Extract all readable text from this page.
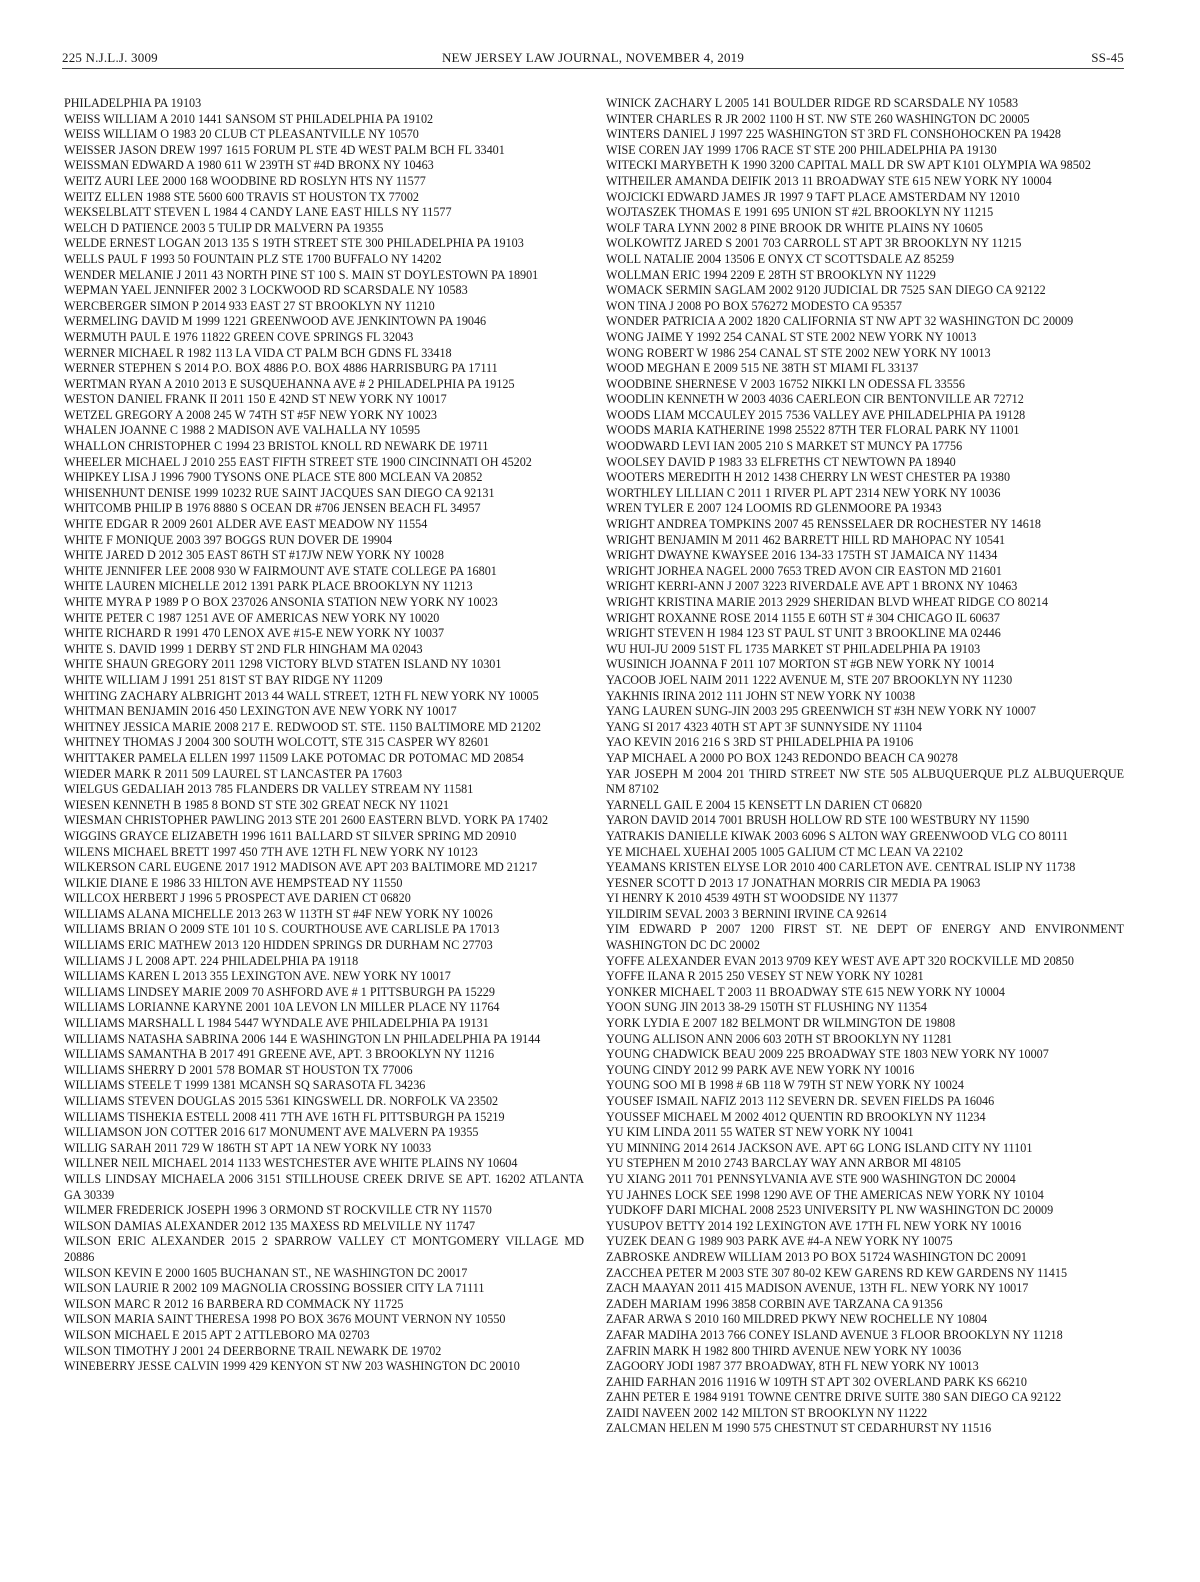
225 N.J.L.J. 3009	NEW JERSEY LAW JOURNAL, NOVEMBER 4, 2019	SS-45
PHILADELPHIA PA 19103
WEISS WILLIAM A 2010 1441 SANSOM ST PHILADELPHIA PA 19102
WEISS WILLIAM O 1983 20 CLUB CT PLEASANTVILLE NY 10570
WEISSER JASON DREW 1997 1615 FORUM PL STE 4D WEST PALM BCH FL 33401
WEISSMAN EDWARD A 1980 611 W 239TH ST #4D BRONX NY 10463
WEITZ AURI LEE 2000 168 WOODBINE RD ROSLYN HTS NY 11577
WEITZ ELLEN 1988 STE 5600 600 TRAVIS ST HOUSTON TX 77002
WEKSELBLATT STEVEN L 1984 4 CANDY LANE EAST HILLS NY 11577
WELCH D PATIENCE 2003 5 TULIP DR MALVERN PA 19355
WELDE ERNEST LOGAN 2013 135 S 19TH STREET STE 300 PHILADELPHIA PA 19103
WELLS PAUL F 1993 50 FOUNTAIN PLZ STE 1700 BUFFALO NY 14202
WENDER MELANIE J 2011 43 NORTH PINE ST 100 S. MAIN ST DOYLESTOWN PA 18901
WEPMAN YAEL JENNIFER 2002 3 LOCKWOOD RD SCARSDALE NY 10583
WERCBERGER SIMON P 2014 933 EAST 27 ST BROOKLYN NY 11210
WERMELING DAVID M 1999 1221 GREENWOOD AVE JENKINTOWN PA 19046
WERMUTH PAUL E 1976 11822 GREEN COVE SPRINGS FL 32043
WERNER MICHAEL R 1982 113 LA VIDA CT PALM BCH GDNS FL 33418
WERNER STEPHEN S 2014 P.O. BOX 4886 P.O. BOX 4886 HARRISBURG PA 17111
WERTMAN RYAN A 2010 2013 E SUSQUEHANNA AVE # 2 PHILADELPHIA PA 19125
WESTON DANIEL FRANK II 2011 150 E 42ND ST NEW YORK NY 10017
WETZEL GREGORY A 2008 245 W 74TH ST #5F NEW YORK NY 10023
WHALEN JOANNE C 1988 2 MADISON AVE VALHALLA NY 10595
WHALLON CHRISTOPHER C 1994 23 BRISTOL KNOLL RD NEWARK DE 19711
WHEELER MICHAEL J 2010 255 EAST FIFTH STREET STE 1900 CINCINNATI OH 45202
WHIPKEY LISA J 1996 7900 TYSONS ONE PLACE STE 800 MCLEAN VA 20852
WHISENHUNT DENISE 1999 10232 RUE SAINT JACQUES SAN DIEGO CA 92131
WHITCOMB PHILIP B 1976 8880 S OCEAN DR #706 JENSEN BEACH FL 34957
WHITE EDGAR R 2009 2601 ALDER AVE EAST MEADOW NY 11554
WHITE F MONIQUE 2003 397 BOGGS RUN DOVER DE 19904
WHITE JARED D 2012 305 EAST 86TH ST #17JW NEW YORK NY 10028
WHITE JENNIFER LEE 2008 930 W FAIRMOUNT AVE STATE COLLEGE PA 16801
WHITE LAUREN MICHELLE 2012 1391 PARK PLACE BROOKLYN NY 11213
WHITE MYRA P 1989 P O BOX 237026 ANSONIA STATION NEW YORK NY 10023
WHITE PETER C 1987 1251 AVE OF AMERICAS NEW YORK NY 10020
WHITE RICHARD R 1991 470 LENOX AVE #15-E NEW YORK NY 10037
WHITE S. DAVID 1999 1 DERBY ST 2ND FLR HINGHAM MA 02043
WHITE SHAUN GREGORY 2011 1298 VICTORY BLVD STATEN ISLAND NY 10301
WHITE WILLIAM J 1991 251 81ST ST BAY RIDGE NY 11209
WHITING ZACHARY ALBRIGHT 2013 44 WALL STREET, 12TH FL NEW YORK NY 10005
WHITMAN BENJAMIN 2016 450 LEXINGTON AVE NEW YORK NY 10017
WHITNEY JESSICA MARIE 2008 217 E. REDWOOD ST. STE. 1150 BALTIMORE MD 21202
WHITNEY THOMAS J 2004 300 SOUTH WOLCOTT, STE 315 CASPER WY 82601
WHITTAKER PAMELA ELLEN 1997 11509 LAKE POTOMAC DR POTOMAC MD 20854
WIEDER MARK R 2011 509 LAUREL ST LANCASTER PA 17603
WIELGUS GEDALIAH 2013 785 FLANDERS DR VALLEY STREAM NY 11581
WIESEN KENNETH B 1985 8 BOND ST STE 302 GREAT NECK NY 11021
WIESMAN CHRISTOPHER PAWLING 2013 STE 201 2600 EASTERN BLVD. YORK PA 17402
WIGGINS GRAYCE ELIZABETH 1996 1611 BALLARD ST SILVER SPRING MD 20910
WILENS MICHAEL BRETT 1997 450 7TH AVE 12TH FL NEW YORK NY 10123
WILKERSON CARL EUGENE 2017 1912 MADISON AVE APT 203 BALTIMORE MD 21217
WILKIE DIANE E 1986 33 HILTON AVE HEMPSTEAD NY 11550
WILLCOX HERBERT J 1996 5 PROSPECT AVE DARIEN CT 06820
WILLIAMS ALANA MICHELLE 2013 263 W 113TH ST #4F NEW YORK NY 10026
WILLIAMS BRIAN O 2009 STE 101 10 S. COURTHOUSE AVE CARLISLE PA 17013
WILLIAMS ERIC MATHEW 2013 120 HIDDEN SPRINGS DR DURHAM NC 27703
WILLIAMS J L 2008 APT. 224 PHILADELPHIA PA 19118
WILLIAMS KAREN L 2013 355 LEXINGTON AVE. NEW YORK NY 10017
WILLIAMS LINDSEY MARIE 2009 70 ASHFORD AVE # 1 PITTSBURGH PA 15229
WILLIAMS LORIANNE KARYNE 2001 10A LEVON LN MILLER PLACE NY 11764
WILLIAMS MARSHALL L 1984 5447 WYNDALE AVE PHILADELPHIA PA 19131
WILLIAMS NATASHA SABRINA 2006 144 E WASHINGTON LN PHILADELPHIA PA 19144
WILLIAMS SAMANTHA B 2017 491 GREENE AVE, APT. 3 BROOKLYN NY 11216
WILLIAMS SHERRY D 2001 578 BOMAR ST HOUSTON TX 77006
WILLIAMS STEELE T 1999 1381 MCANSH SQ SARASOTA FL 34236
WILLIAMS STEVEN DOUGLAS 2015 5361 KINGSWELL DR. NORFOLK VA 23502
WILLIAMS TISHEKIA ESTELL 2008 411 7TH AVE 16TH FL PITTSBURGH PA 15219
WILLIAMSON JON COTTER 2016 617 MONUMENT AVE MALVERN PA 19355
WILLIG SARAH 2011 729 W 186TH ST APT 1A NEW YORK NY 10033
WILLNER NEIL MICHAEL 2014 1133 WESTCHESTER AVE WHITE PLAINS NY 10604
WILLS LINDSAY MICHAELA 2006 3151 STILLHOUSE CREEK DRIVE SE APT. 16202 ATLANTA GA 30339
WILMER FREDERICK JOSEPH 1996 3 ORMOND ST ROCKVILLE CTR NY 11570
WILSON DAMIAS ALEXANDER 2012 135 MAXESS RD MELVILLE NY 11747
WILSON ERIC ALEXANDER 2015 2 SPARROW VALLEY CT MONTGOMERY VILLAGE MD 20886
WILSON KEVIN E 2000 1605 BUCHANAN ST., NE WASHINGTON DC 20017
WILSON LAURIE R 2002 109 MAGNOLIA CROSSING BOSSIER CITY LA 71111
WILSON MARC R 2012 16 BARBERA RD COMMACK NY 11725
WILSON MARIA SAINT THERESA 1998 PO BOX 3676 MOUNT VERNON NY 10550
WILSON MICHAEL E 2015 APT 2 ATTLEBORO MA 02703
WILSON TIMOTHY J 2001 24 DEERBORNE TRAIL NEWARK DE 19702
WINEBERRY JESSE CALVIN 1999 429 KENYON ST NW 203 WASHINGTON DC 20010
WINICK ZACHARY L 2005 141 BOULDER RIDGE RD SCARSDALE NY 10583
WINTER CHARLES R JR 2002 1100 H ST. NW STE 260 WASHINGTON DC 20005
WINTERS DANIEL J 1997 225 WASHINGTON ST 3RD FL CONSHOHOCKEN PA 19428
WISE COREN JAY 1999 1706 RACE ST STE 200 PHILADELPHIA PA 19130
WITECKI MARYBETH K 1990 3200 CAPITAL MALL DR SW APT K101 OLYMPIA WA 98502
WITHEILER AMANDA DEIFIK 2013 11 BROADWAY STE 615 NEW YORK NY 10004
WOJCICKI EDWARD JAMES JR 1997 9 TAFT PLACE AMSTERDAM NY 12010
WOJTASZEK THOMAS E 1991 695 UNION ST #2L BROOKLYN NY 11215
WOLF TARA LYNN 2002 8 PINE BROOK DR WHITE PLAINS NY 10605
WOLKOWITZ JARED S 2001 703 CARROLL ST APT 3R BROOKLYN NY 11215
WOLL NATALIE 2004 13506 E ONYX CT SCOTTSDALE AZ 85259
WOLLMAN ERIC 1994 2209 E 28TH ST BROOKLYN NY 11229
WOMACK SERMIN SAGLAM 2002 9120 JUDICIAL DR 7525 SAN DIEGO CA 92122
WON TINA J 2008 PO BOX 576272 MODESTO CA 95357
WONDER PATRICIA A 2002 1820 CALIFORNIA ST NW APT 32 WASHINGTON DC 20009
WONG JAIME Y 1992 254 CANAL ST STE 2002 NEW YORK NY 10013
WONG ROBERT W 1986 254 CANAL ST STE 2002 NEW YORK NY 10013
WOOD MEGHAN E 2009 515 NE 38TH ST MIAMI FL 33137
WOODBINE SHERNESE V 2003 16752 NIKKI LN ODESSA FL 33556
WOODLIN KENNETH W 2003 4036 CAERLEON CIR BENTONVILLE AR 72712
WOODS LIAM MCCAULEY 2015 7536 VALLEY AVE PHILADELPHIA PA 19128
WOODS MARIA KATHERINE 1998 25522 87TH TER FLORAL PARK NY 11001
WOODWARD LEVI IAN 2005 210 S MARKET ST MUNCY PA 17756
WOOLSEY DAVID P 1983 33 ELFRETHS CT NEWTOWN PA 18940
WOOTERS MEREDITH H 2012 1438 CHERRY LN WEST CHESTER PA 19380
WORTHLEY LILLIAN C 2011 1 RIVER PL APT 2314 NEW YORK NY 10036
WREN TYLER E 2007 124 LOOMIS RD GLENMOORE PA 19343
WRIGHT ANDREA TOMPKINS 2007 45 RENSSELAER DR ROCHESTER NY 14618
WRIGHT BENJAMIN M 2011 462 BARRETT HILL RD MAHOPAC NY 10541
WRIGHT DWAYNE KWAYSEE 2016 134-33 175TH ST JAMAICA NY 11434
WRIGHT JORHEA NAGEL 2000 7653 TRED AVON CIR EASTON MD 21601
WRIGHT KERRI-ANN J 2007 3223 RIVERDALE AVE APT 1 BRONX NY 10463
WRIGHT KRISTINA MARIE 2013 2929 SHERIDAN BLVD WHEAT RIDGE CO 80214
WRIGHT ROXANNE ROSE 2014 1155 E 60TH ST # 304 CHICAGO IL 60637
WRIGHT STEVEN H 1984 123 ST PAUL ST UNIT 3 BROOKLINE MA 02446
WU HUI-JU 2009 51ST FL 1735 MARKET ST PHILADELPHIA PA 19103
WUSINICH JOANNA F 2011 107 MORTON ST #GB NEW YORK NY 10014
YACOOB JOEL NAIM 2011 1222 AVENUE M, STE 207 BROOKLYN NY 11230
YAKHNIS IRINA 2012 111 JOHN ST NEW YORK NY 10038
YANG LAUREN SUNG-JIN 2003 295 GREENWICH ST #3H NEW YORK NY 10007
YANG SI 2017 4323 40TH ST APT 3F SUNNYSIDE NY 11104
YAO KEVIN 2016 216 S 3RD ST PHILADELPHIA PA 19106
YAP MICHAEL A 2000 PO BOX 1243 REDONDO BEACH CA 90278
YAR JOSEPH M 2004 201 THIRD STREET NW STE 505 ALBUQUERQUE PLZ ALBUQUERQUE NM 87102
YARNELL GAIL E 2004 15 KENSETT LN DARIEN CT 06820
YARON DAVID 2014 7001 BRUSH HOLLOW RD STE 100 WESTBURY NY 11590
YATRAKIS DANIELLE KIWAK 2003 6096 S ALTON WAY GREENWOOD VLG CO 80111
YE MICHAEL XUEHAI 2005 1005 GALIUM CT MC LEAN VA 22102
YEAMANS KRISTEN ELYSE LOR 2010 400 CARLETON AVE. CENTRAL ISLIP NY 11738
YESNER SCOTT D 2013 17 JONATHAN MORRIS CIR MEDIA PA 19063
YI HENRY K 2010 4539 49TH ST WOODSIDE NY 11377
YILDIRIM SEVAL 2003 3 BERNINI IRVINE CA 92614
YIM EDWARD P 2007 1200 FIRST ST. NE DEPT OF ENERGY AND ENVIRONMENT WASHINGTON DC DC 20002
YOFFE ALEXANDER EVAN 2013 9709 KEY WEST AVE APT 320 ROCKVILLE MD 20850
YOFFE ILANA R 2015 250 VESEY ST NEW YORK NY 10281
YONKER MICHAEL T 2003 11 BROADWAY STE 615 NEW YORK NY 10004
YOON SUNG JIN 2013 38-29 150TH ST FLUSHING NY 11354
YORK LYDIA E 2007 182 BELMONT DR WILMINGTON DE 19808
YOUNG ALLISON ANN 2006 603 20TH ST BROOKLYN NY 11281
YOUNG CHADWICK BEAU 2009 225 BROADWAY STE 1803 NEW YORK NY 10007
YOUNG CINDY 2012 99 PARK AVE NEW YORK NY 10016
YOUNG SOO MI B 1998 # 6B 118 W 79TH ST NEW YORK NY 10024
YOUSEF ISMAIL NAFIZ 2013 112 SEVERN DR. SEVEN FIELDS PA 16046
YOUSSEF MICHAEL M 2002 4012 QUENTIN RD BROOKLYN NY 11234
YU KIM LINDA 2011 55 WATER ST NEW YORK NY 10041
YU MINNING 2014 2614 JACKSON AVE. APT 6G LONG ISLAND CITY NY 11101
YU STEPHEN M 2010 2743 BARCLAY WAY ANN ARBOR MI 48105
YU XIANG 2011 701 PENNSYLVANIA AVE STE 900 WASHINGTON DC 20004
YU JAHNES LOCK SEE 1998 1290 AVE OF THE AMERICAS NEW YORK NY 10104
YUDKOFF DARI MICHAL 2008 2523 UNIVERSITY PL NW WASHINGTON DC 20009
YUSUPOV BETTY 2014 192 LEXINGTON AVE 17TH FL NEW YORK NY 10016
YUZEK DEAN G 1989 903 PARK AVE #4-A NEW YORK NY 10075
ZABROSKE ANDREW WILLIAM 2013 PO BOX 51724 WASHINGTON DC 20091
ZACCHEA PETER M 2003 STE 307 80-02 KEW GARENS RD KEW GARDENS NY 11415
ZACH MAAYAN 2011 415 MADISON AVENUE, 13TH FL. NEW YORK NY 10017
ZADEH MARIAM 1996 3858 CORBIN AVE TARZANA CA 91356
ZAFAR ARWA S 2010 160 MILDRED PKWY NEW ROCHELLE NY 10804
ZAFAR MADIHA 2013 766 CONEY ISLAND AVENUE 3 FLOOR BROOKLYN NY 11218
ZAFRIN MARK H 1982 800 THIRD AVENUE NEW YORK NY 10036
ZAGOORY JODI 1987 377 BROADWAY, 8TH FL NEW YORK NY 10013
ZAHID FARHAN 2016 11916 W 109TH ST APT 302 OVERLAND PARK KS 66210
ZAHN PETER E 1984 9191 TOWNE CENTRE DRIVE SUITE 380 SAN DIEGO CA 92122
ZAIDI NAVEEN 2002 142 MILTON ST BROOKLYN NY 11222
ZALCMAN HELEN M 1990 575 CHESTNUT ST CEDARHURST NY 11516
